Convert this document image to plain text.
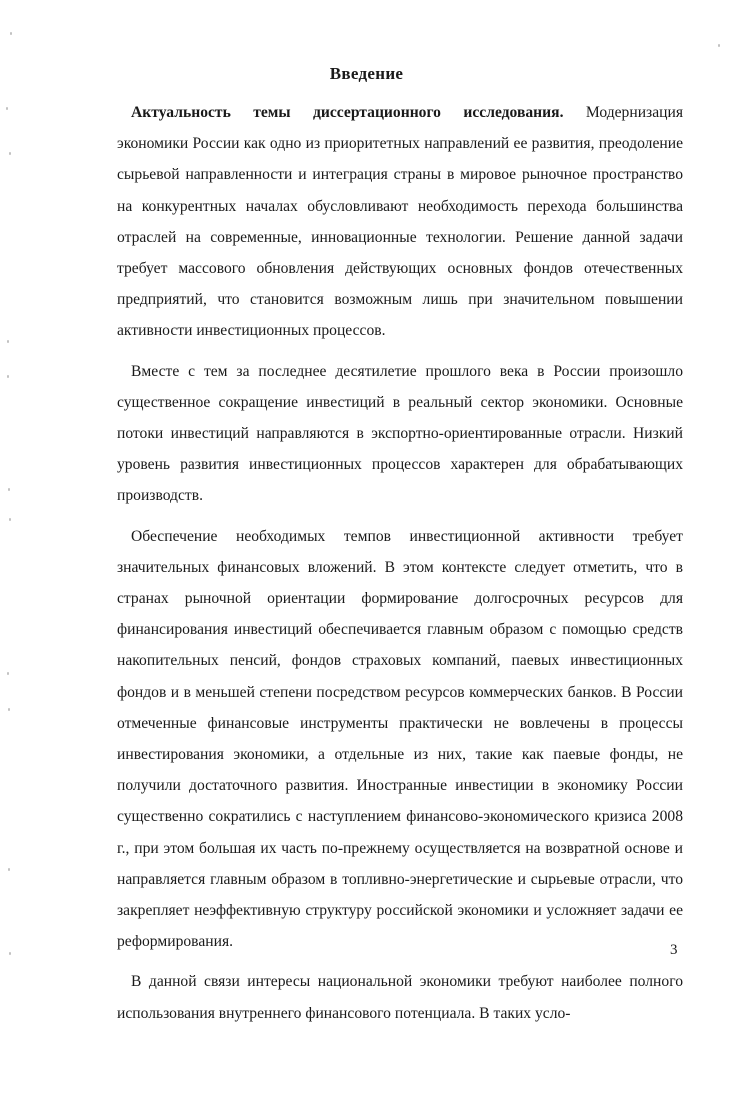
Введение

Актуальность темы диссертационного исследования. Модернизация экономики России как одно из приоритетных направлений ее развития, преодоление сырьевой направленности и интеграция страны в мировое рыночное пространство на конкурентных началах обусловливают необходимость перехода большинства отраслей на современные, инновационные технологии. Решение данной задачи требует массового обновления действующих основных фондов отечественных предприятий, что становится возможным лишь при значительном повышении активности инвестиционных процессов.

Вместе с тем за последнее десятилетие прошлого века в России произошло существенное сокращение инвестиций в реальный сектор экономики. Основные потоки инвестиций направляются в экспортно-ориентированные отрасли. Низкий уровень развития инвестиционных процессов характерен для обрабатывающих производств.

Обеспечение необходимых темпов инвестиционной активности требует значительных финансовых вложений. В этом контексте следует отметить, что в странах рыночной ориентации формирование долгосрочных ресурсов для финансирования инвестиций обеспечивается главным образом с помощью средств накопительных пенсий, фондов страховых компаний, паевых инвестиционных фондов и в меньшей степени посредством ресурсов коммерческих банков. В России отмеченные финансовые инструменты практически не вовлечены в процессы инвестирования экономики, а отдельные из них, такие как паевые фонды, не получили достаточного развития. Иностранные инвестиции в экономику России существенно сократились с наступлением финансово-экономического кризиса 2008 г., при этом большая их часть по-прежнему осуществляется на возвратной основе и направляется главным образом в топливно-энергетические и сырьевые отрасли, что закрепляет неэффективную структуру российской экономики и усложняет задачи ее реформирования.

В данной связи интересы национальной экономики требуют наиболее полного использования внутреннего финансового потенциала. В таких усло-

3
